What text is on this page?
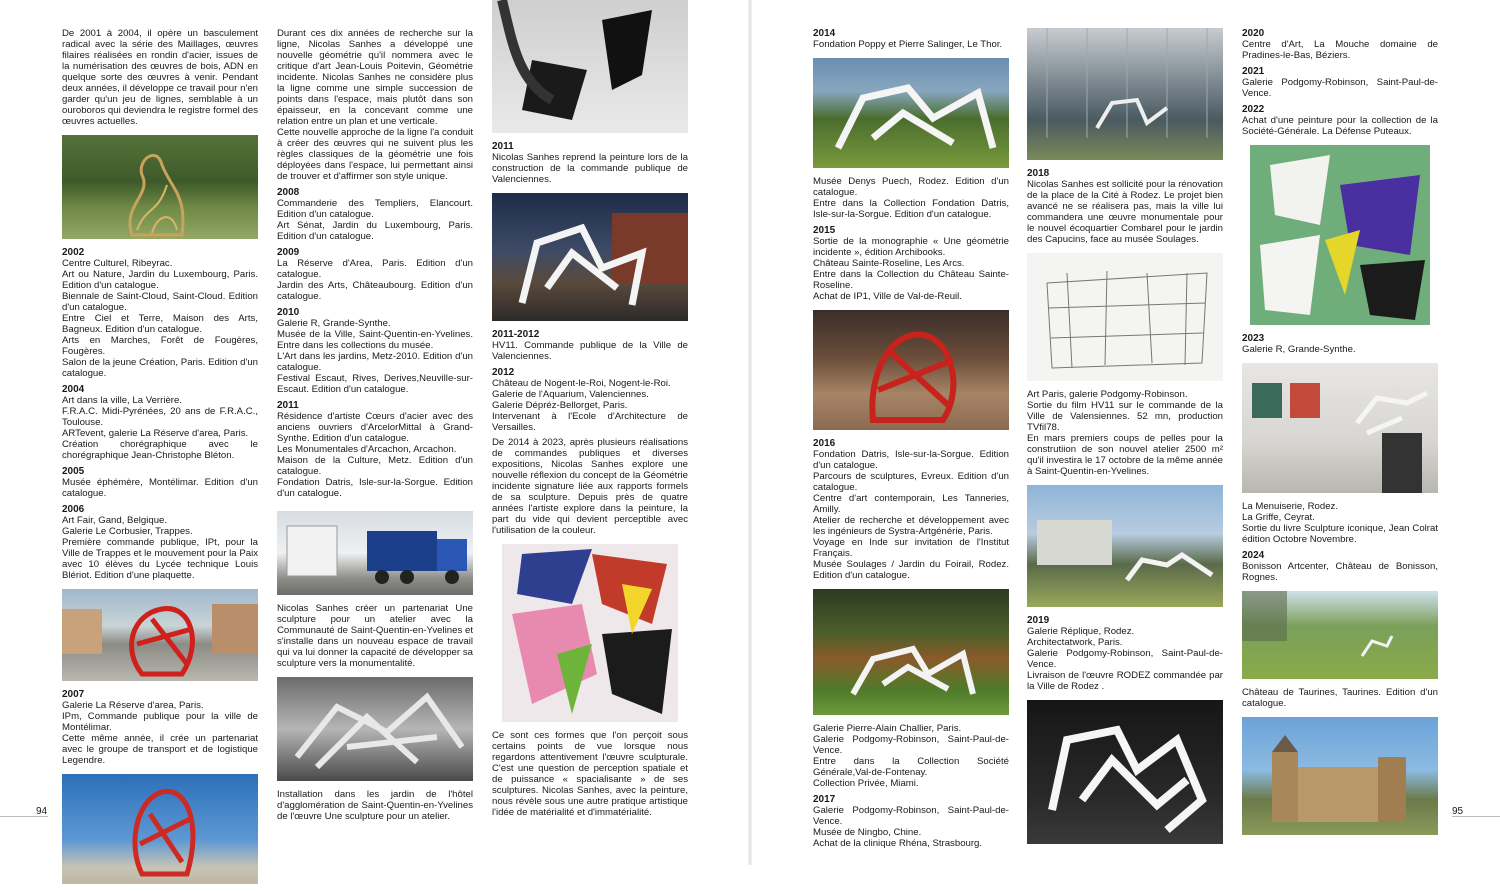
De 2001 à 2004, il opère un basculement radical avec la série des Maillages, œuvres filaires réalisées en rondin d'acier, issues de la numérisation des œuvres de bois, ADN en quelque sorte des œuvres à venir. Pendant deux années, il développe ce travail pour n'en garder qu'un jeu de lignes, semblable à un ouroboros qui deviendra le registre formel des œuvres actuelles.

2002

Centre Culturel, Ribeyrac.

Art ou Nature, Jardin du Luxembourg, Paris. Edition d'un catalogue.

Biennale de Saint-Cloud, Saint-Cloud. Edition d'un catalogue.

Entre Ciel et Terre, Maison des Arts, Bagneux. Edition d'un catalogue.

Arts en Marches, Forêt de Fougères, Fougères.

Salon de la jeune Création, Paris. Edition d'un catalogue.

2004

Art dans la ville, La Verrière.

F.R.A.C. Midi-Pyrénées, 20 ans de F.R.A.C., Toulouse.

ARTevent, galerie La Réserve d'area, Paris.

Création chorégraphique avec le chorégraphique Jean-Christophe Bléton.

2005

Musée éphémère, Montélimar. Edition d'un catalogue.

2006

Art Fair, Gand, Belgique.

Galerie Le Corbusier, Trappes.

Première commande publique, IPt, pour la Ville de Trappes et le mouvement pour la Paix avec 10 élèves du Lycée technique Louis Blériot. Edition d'une plaquette.

2007

Galerie La Réserve d'area, Paris.

IPm, Commande publique pour la ville de Montélimar.

Cette même année, il crée un partenariat avec le groupe de transport et de logistique Legendre.

Durant ces dix années de recherche sur la ligne, Nicolas Sanhes a développé une nouvelle géométrie qu'il nommera avec le critique d'art Jean-Louis Poitevin, Géométrie incidente. Nicolas Sanhes ne considère plus la ligne comme une simple succession de points dans l'espace, mais plutôt dans son épaisseur, en la concevant comme une relation entre un plan et une verticale.

Cette nouvelle approche de la ligne l'a conduit à créer des œuvres qui ne suivent plus les règles classiques de la géométrie une fois déployées dans l'espace, lui permettant ainsi de trouver et d'affirmer son style unique.

2008

Commanderie des Templiers, Elancourt. Edition d'un catalogue.

Art Sénat, Jardin du Luxembourg, Paris. Edition d'un catalogue.

2009

La Réserve d'Area, Paris. Edition d'un catalogue.

Jardin des Arts, Châteaubourg. Edition d'un catalogue.

2010

Galerie R, Grande-Synthe.

Musée de la Ville, Saint-Quentin-en-Yvelines. Entre dans les collections du musée.

L'Art dans les jardins, Metz-2010. Edition d'un catalogue.

Festival Escaut, Rives, Derives,Neuville-sur-Escaut. Edition d'un catalogue.

2011

Résidence d'artiste Cœurs d'acier avec des anciens ouvriers d'ArcelorMittal à Grand-Synthe. Edition d'un catalogue.

Les Monumentales d'Arcachon, Arcachon.

Maison de la Culture, Metz. Edition d'un catalogue.

Fondation Datris, Isle-sur-la-Sorgue. Edition d'un catalogue.

Nicolas Sanhes créer un partenariat Une sculpture pour un atelier avec la Communauté de Saint-Quentin-en-Yvelines et s'installe dans un nouveau espace de travail qui va lui donner la capacité de développer sa sculpture vers la monumentalité.

Installation dans les jardin de l'hôtel d'agglomération de Saint-Quentin-en-Yvelines de l'œuvre Une sculpture pour un atelier.

2011

Nicolas Sanhes reprend la peinture lors de la construction de la commande publique de Valenciennes.

2011-2012

HV11. Commande publique de la Ville de Valenciennes.

2012

Château de Nogent-le-Roi, Nogent-le-Roi.

Galerie de l'Aquarium, Valenciennes.

Galerie Dépréz-Bellorget, Paris.

Intervenant à l'Ecole d'Architecture de Versailles.

De 2014 à 2023, après plusieurs réalisations de commandes publiques et diverses expositions, Nicolas Sanhes explore une nouvelle réflexion du concept de la Géométrie incidente signature liée aux rapports formels de sa sculpture. Depuis près de quatre années l'artiste explore dans la peinture, la part du vide qui devient perceptible avec l'utilisation de la couleur.

Ce sont ces formes que l'on perçoit sous certains points de vue lorsque nous regardons attentivement l'œuvre sculpturale. C'est une question de perception spatiale et de puissance « spacialisante » de ses sculptures. Nicolas Sanhes, avec la peinture, nous révèle sous une autre pratique artistique l'idée de matérialité et d'immatérialité.

2014

Fondation Poppy et Pierre Salinger, Le Thor.

Musée Denys Puech, Rodez. Edition d'un catalogue.

Entre dans la Collection Fondation Datris, Isle-sur-la-Sorgue. Edition d'un catalogue.

2015

Sortie de la monographie « Une géométrie incidente », édition Archibooks.

Château Sainte-Roseline, Les Arcs.

Entre dans la Collection du Château Sainte-Roseline.

Achat de IP1, Ville de Val-de-Reuil.

2016

Fondation Datris, Isle-sur-la-Sorgue. Edition d'un catalogue.

Parcours de sculptures, Evreux. Edition d'un catalogue.

Centre d'art contemporain, Les Tanneries, Amilly.

Atelier de recherche et développement avec les ingénieurs de Systra-Artgénérie, Paris.

Voyage en Inde sur invitation de l'Institut Français.

Musée Soulages / Jardin du Foirail, Rodez. Edition d'un catalogue.

Galerie Pierre-Alain Challier, Paris.

Galerie Podgomy-Robinson, Saint-Paul-de-Vence.

Entre dans la Collection Société Générale,Val-de-Fontenay.

Collection Privée, Miami.

2017

Galerie Podgomy-Robinson, Saint-Paul-de-Vence.

Musée de Ningbo, Chine.

Achat de la clinique Rhéna, Strasbourg.

2018

Nicolas Sanhes est sollicité pour la rénovation de la place de la Cité à Rodez. Le projet bien avancé ne se réalisera pas, mais la ville lui commandera une œuvre monumentale pour le nouvel écoquartier Combarel pour le jardin des Capucins, face au musée Soulages.

Art Paris, galerie Podgomy-Robinson.

Sortie du film HV11 sur le commande de la Ville de Valensiennes. 52 mn, production TVfil78.

En mars premiers coups de pelles pour la construtiion de son nouvel atelier 2500 m² qu'il investira le 17 octobre de la même année à Saint-Quentin-en-Yvelines.

2019

Galerie Réplique, Rodez.

Architectatwork, Paris.

Galerie Podgomy-Robinson, Saint-Paul-de-Vence.

Livraison de l'œuvre RODEZ commandée par la Ville de Rodez .

2020

Centre d'Art, La Mouche domaine de Pradines-le-Bas, Béziers.

2021

Galerie Podgomy-Robinson, Saint-Paul-de-Vence.

2022

Achat d'une peinture pour la collection de la Société-Générale. La Défense Puteaux.

2023

Galerie R, Grande-Synthe.

La Menuiserie, Rodez.

La Griffe, Ceyrat.

Sortie du livre Sculpture iconique, Jean Colrat édition Octobre Novembre.

2024

Bonisson Artcenter, Château de Bonisson, Rognes.

Château de Taurines, Taurines. Edition d'un catalogue.

94	95
